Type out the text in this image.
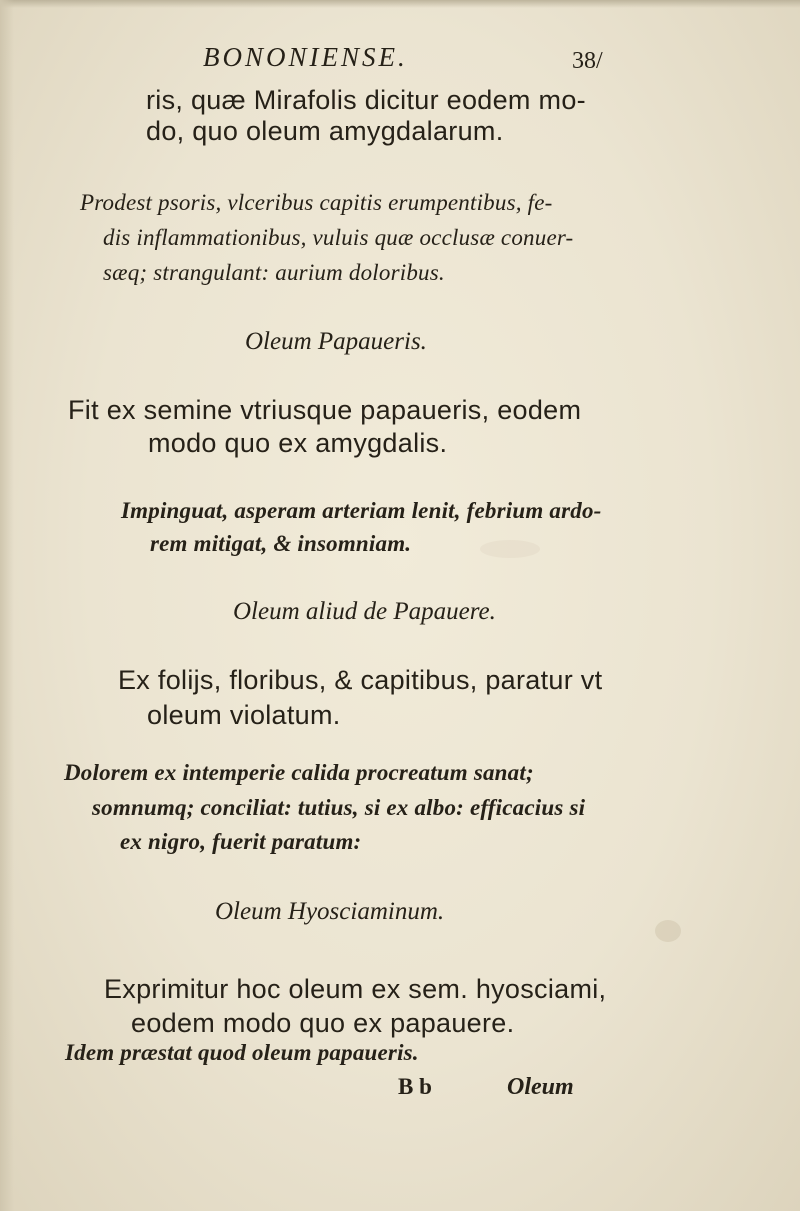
BONONIENSE.	38/
ris, quæ Mirafolis dicitur eodem mo-
do, quo oleum amygdalarum.
Prodest psoris, vlceribus capitis erumpentibus, fe-
dis inflammationibus, vuluis quæ occlusæ conuer-
sæq; strangulant: aurium doloribus.
Oleum Papaueris.
Fit ex semine vtriusque papaueris, eodem
modo quo ex amygdalis.
Impinguat, asperam arteriam lenit, febrium ardo-
rem mitigat, & insomniam.
Oleum aliud de Papauere.
Ex folijs, floribus, & capitibus, paratur vt
oleum violatum.
Dolorem ex intemperie calida procreatum sanat;
somnumq; conciliat: tutius, si ex albo: efficacius si
ex nigro, fuerit paratum:
Oleum Hyosciaminum.
Exprimitur hoc oleum ex sem. hyosciami,
eodem modo quo ex papauere.
Idem præstat quod oleum papaueris.
B b	Oleum
